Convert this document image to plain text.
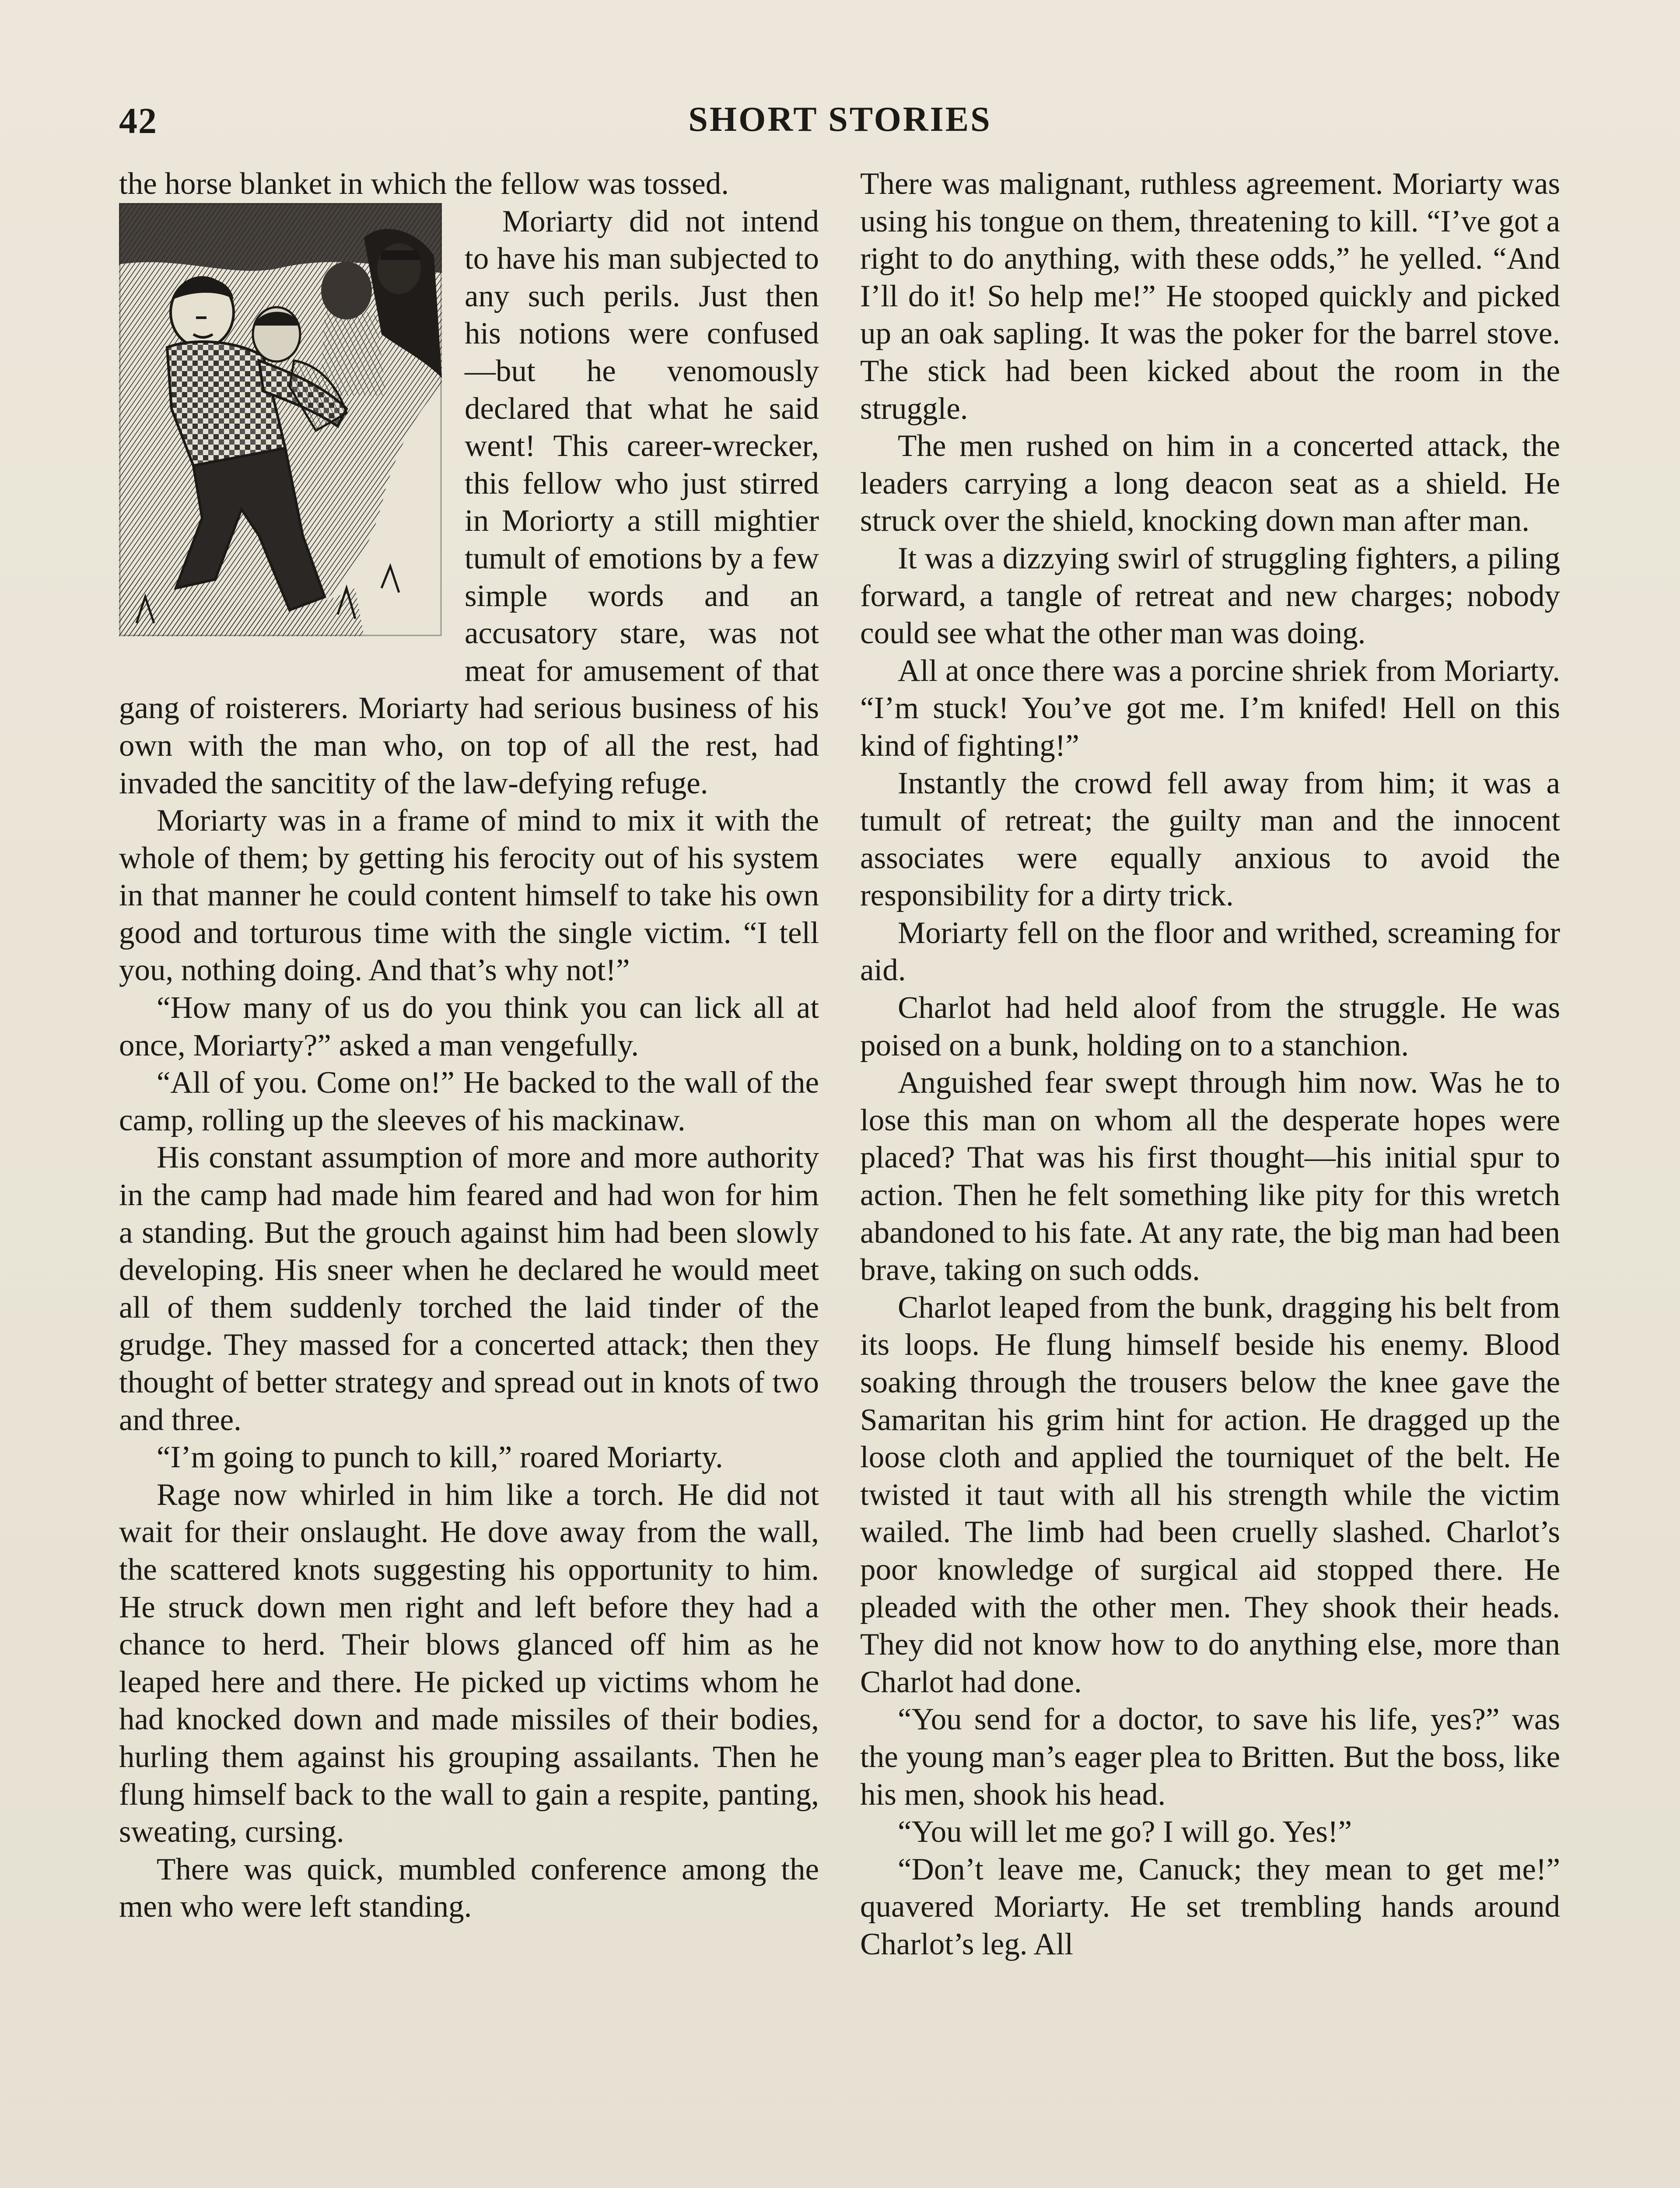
42	SHORT STORIES

the horse blanket in which the fellow was tossed.

Moriarty did not intend to have his man subjected to any such perils. Just then his notions were confused—but he venomously declared that what he said went! This career-wrecker, this fellow who just stirred in Moriorty a still mightier tumult of emotions by a few simple words and an accusatory stare, was not meat for amusement of that gang of roisterers. Moriarty had serious business of his own with the man who, on top of all the rest, had invaded the sancitity of the law-defying refuge.

Moriarty was in a frame of mind to mix it with the whole of them; by getting his ferocity out of his system in that manner he could content himself to take his own good and torturous time with the single victim. “I tell you, nothing doing. And that’s why not!”

“How many of us do you think you can lick all at once, Moriarty?” asked a man vengefully.

“All of you. Come on!” He backed to the wall of the camp, rolling up the sleeves of his mackinaw.

His constant assumption of more and more authority in the camp had made him feared and had won for him a standing. But the grouch against him had been slowly developing. His sneer when he declared he would meet all of them suddenly torched the laid tinder of the grudge. They massed for a concerted attack; then they thought of better strategy and spread out in knots of two and three.

“I’m going to punch to kill,” roared Moriarty.

Rage now whirled in him like a torch. He did not wait for their onslaught. He dove away from the wall, the scattered knots suggesting his opportunity to him. He struck down men right and left before they had a chance to herd. Their blows glanced off him as he leaped here and there. He picked up victims whom he had knocked down and made missiles of their bodies, hurling them against his grouping assailants. Then he flung himself back to the wall to gain a respite, panting, sweating, cursing.

There was quick, mumbled conference among the men who were left standing.

There was malignant, ruthless agreement. Moriarty was using his tongue on them, threatening to kill. “I’ve got a right to do anything, with these odds,” he yelled. “And I’ll do it! So help me!” He stooped quickly and picked up an oak sapling. It was the poker for the barrel stove. The stick had been kicked about the room in the struggle.

The men rushed on him in a concerted attack, the leaders carrying a long deacon seat as a shield. He struck over the shield, knocking down man after man.

It was a dizzying swirl of struggling fighters, a piling forward, a tangle of retreat and new charges; nobody could see what the other man was doing.

All at once there was a porcine shriek from Moriarty. “I’m stuck! You’ve got me. I’m knifed! Hell on this kind of fighting!”

Instantly the crowd fell away from him; it was a tumult of retreat; the guilty man and the innocent associates were equally anxious to avoid the responsibility for a dirty trick.

Moriarty fell on the floor and writhed, screaming for aid.

Charlot had held aloof from the struggle. He was poised on a bunk, holding on to a stanchion.

Anguished fear swept through him now. Was he to lose this man on whom all the desperate hopes were placed? That was his first thought—his initial spur to action. Then he felt something like pity for this wretch abandoned to his fate. At any rate, the big man had been brave, taking on such odds.

Charlot leaped from the bunk, dragging his belt from its loops. He flung himself beside his enemy. Blood soaking through the trousers below the knee gave the Samaritan his grim hint for action. He dragged up the loose cloth and applied the tourniquet of the belt. He twisted it taut with all his strength while the victim wailed. The limb had been cruelly slashed. Charlot’s poor knowledge of surgical aid stopped there. He pleaded with the other men. They shook their heads. They did not know how to do anything else, more than Charlot had done.

“You send for a doctor, to save his life, yes?” was the young man’s eager plea to Britten. But the boss, like his men, shook his head.

“You will let me go? I will go. Yes!”

“Don’t leave me, Canuck; they mean to get me!” quavered Moriarty. He set trembling hands around Charlot’s leg. All
